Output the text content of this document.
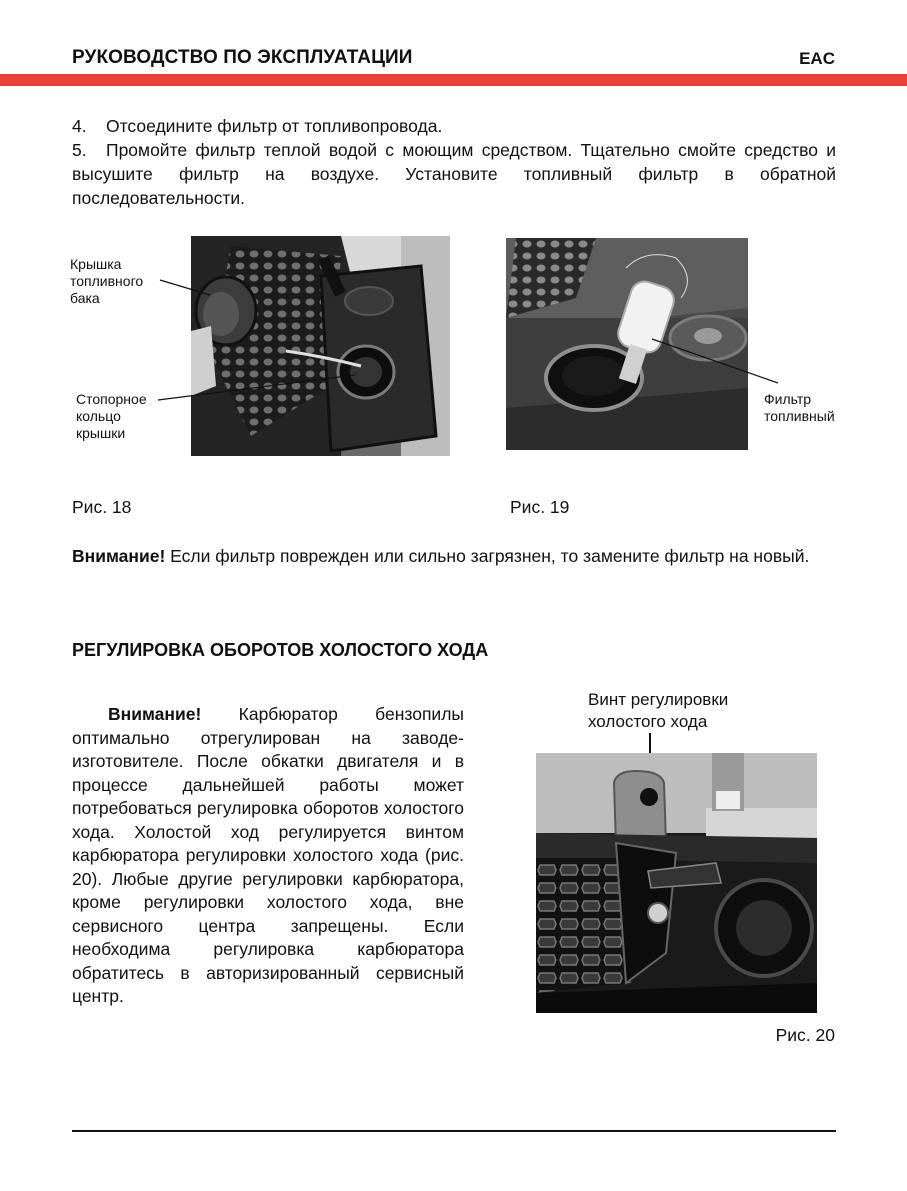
РУКОВОДСТВО ПО ЭКСПЛУАТАЦИИ	EAC

4. Отсоедините фильтр от топливопровода.

5. Промойте фильтр теплой водой с моющим средством. Тщательно смойте средство и высушите фильтр на воздухе. Установите топливный фильтр в обратной последовательности.

Крышка
топливного
бака
Стопорное
кольцо
крышки
Рис. 18
Фильтр
топливный
Рис. 19
Внимание! Если фильтр поврежден или сильно загрязнен, то замените фильтр на новый.
РЕГУЛИРОВКА ОБОРОТОВ ХОЛОСТОГО ХОДА
Внимание! Карбюратор бензопилы оптимально отрегулирован на заводе-изготовителе. После обкатки двигателя и в процессе дальнейшей работы может потребоваться регулировка оборотов холостого хода. Холостой ход регулируется винтом карбюратора регулировки холостого хода (рис. 20). Любые другие регулировки карбюратора, кроме регулировки холостого хода, вне сервисного центра запрещены. Если необходима регулировка карбюратора обратитесь в авторизированный сервисный центр.
Винт регулировки
холостого хода
Рис. 20
